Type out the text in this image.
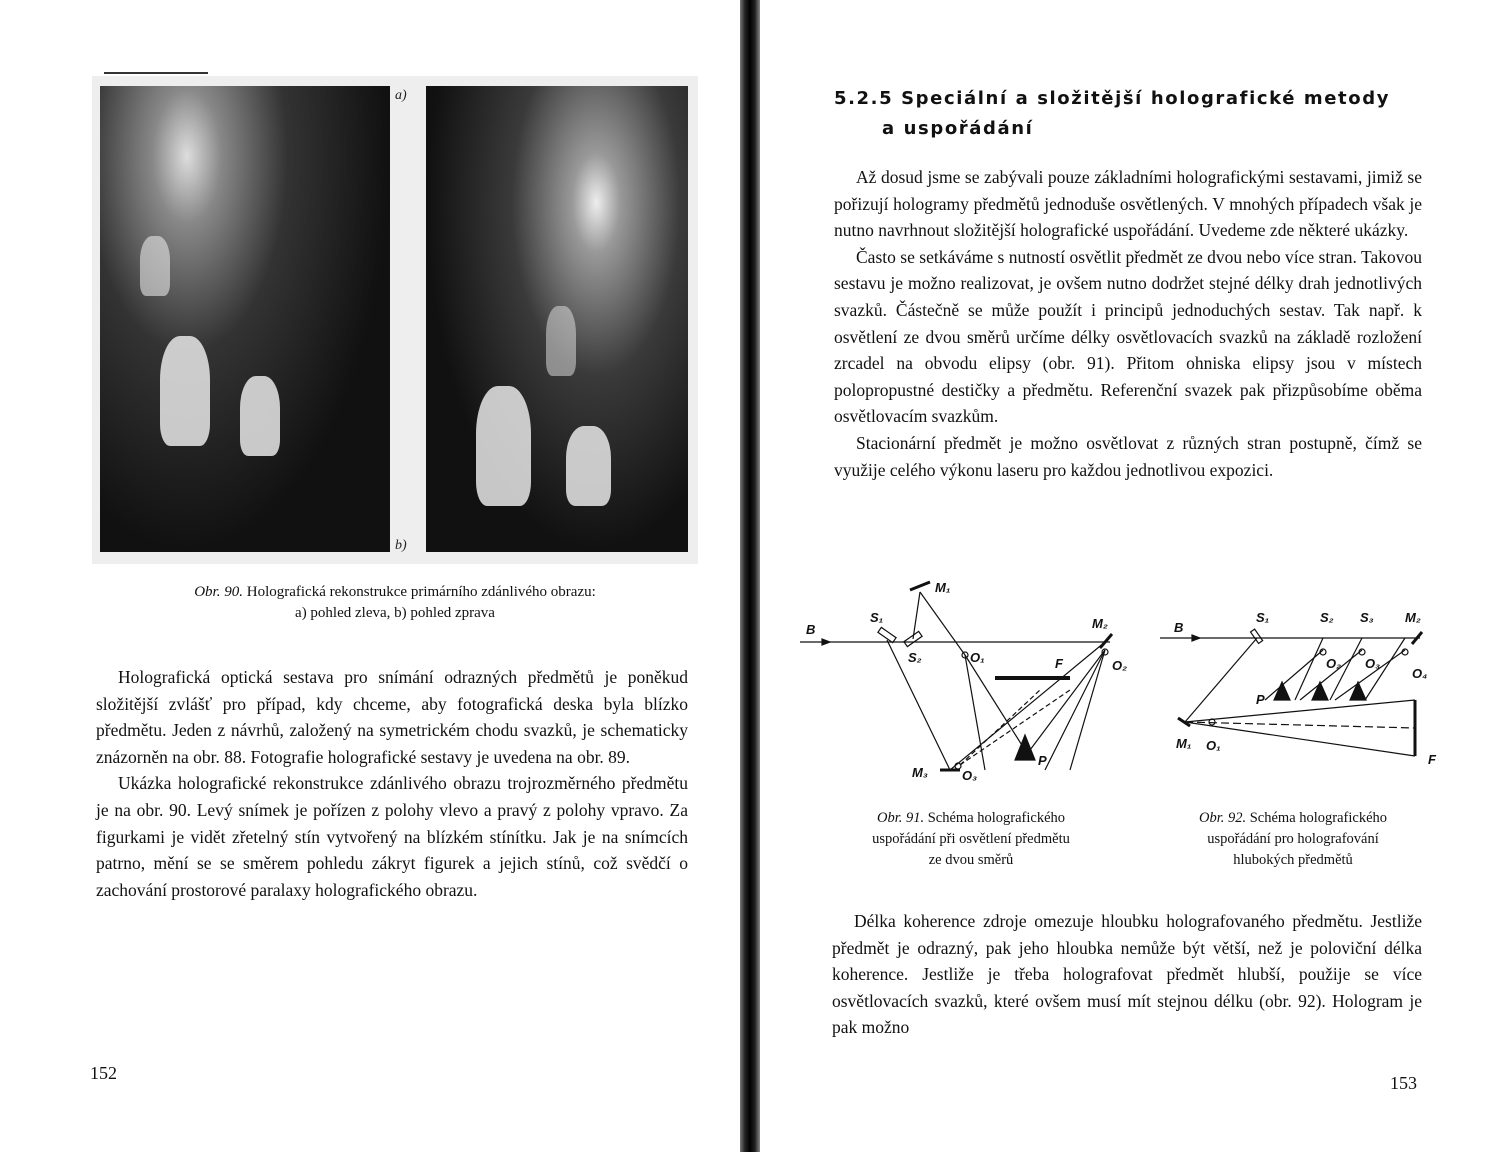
a)
b)
Obr. 90. Holografická rekonstrukce primárního zdánlivého obrazu:
a) pohled zleva, b) pohled zprava

Holografická optická sestava pro snímání odrazných předmětů je poněkud složitější zvlášť pro případ, kdy chceme, aby fotografická deska byla blízko předmětu. Jeden z návrhů, založený na symetrickém chodu svazků, je schematicky znázorněn na obr. 88. Fotografie holografické sestavy je uvedena na obr. 89.

Ukázka holografické rekonstrukce zdánlivého obrazu trojrozměrného předmětu je na obr. 90. Levý snímek je pořízen z polohy vlevo a pravý z polohy vpravo. Za figurkami je vidět zřetelný stín vytvořený na blízkém stínítku. Jak je na snímcích patrno, mění se se směrem pohledu zákryt figurek a jejich stínů, což svědčí o zachování prostorové paralaxy holografického obrazu.

152
5.2.5 Speciální a složitější holografické metody
a uspořádání

Až dosud jsme se zabývali pouze základními holografickými sestavami, jimiž se pořizují hologramy předmětů jednoduše osvětlených. V mnohých případech však je nutno navrhnout složitější holografické uspořádání. Uvedeme zde některé ukázky.

Často se setkáváme s nutností osvětlit předmět ze dvou nebo více stran. Takovou sestavu je možno realizovat, je ovšem nutno dodržet stejné délky drah jednotlivých svazků. Částečně se může použít i principů jednoduchých sestav. Tak např. k osvětlení ze dvou směrů určíme délky osvětlovacích svazků na základě rozložení zrcadel na obvodu elipsy (obr. 91). Přitom ohniska elipsy jsou v místech polopropustné destičky a předmětu. Referenční svazek pak přizpůsobíme oběma osvětlovacím svazkům.

Stacionární předmět je možno osvětlovat z různých stran postupně, čímž se využije celého výkonu laseru pro každou jednotlivou expozici.

B
S₁
S₂
M₁
M₂
M₃
O₁
O₂
O₃
F
P
B
S₁	S₂ S₃ M₂
M₁ O₁
O₂ O₃
O₄
P
F
Obr. 91. Schéma holografického
uspořádání při osvětlení předmětu
ze dvou směrů
Obr. 92. Schéma holografického
uspořádání pro holografování
hlubokých předmětů

Délka koherence zdroje omezuje hloubku holografovaného předmětu. Jestliže předmět je odrazný, pak jeho hloubka nemůže být větší, než je poloviční délka koherence. Jestliže je třeba holografovat předmět hlubší, použije se více osvětlovacích svazků, které ovšem musí mít stejnou délku (obr. 92). Hologram je pak možno

153
